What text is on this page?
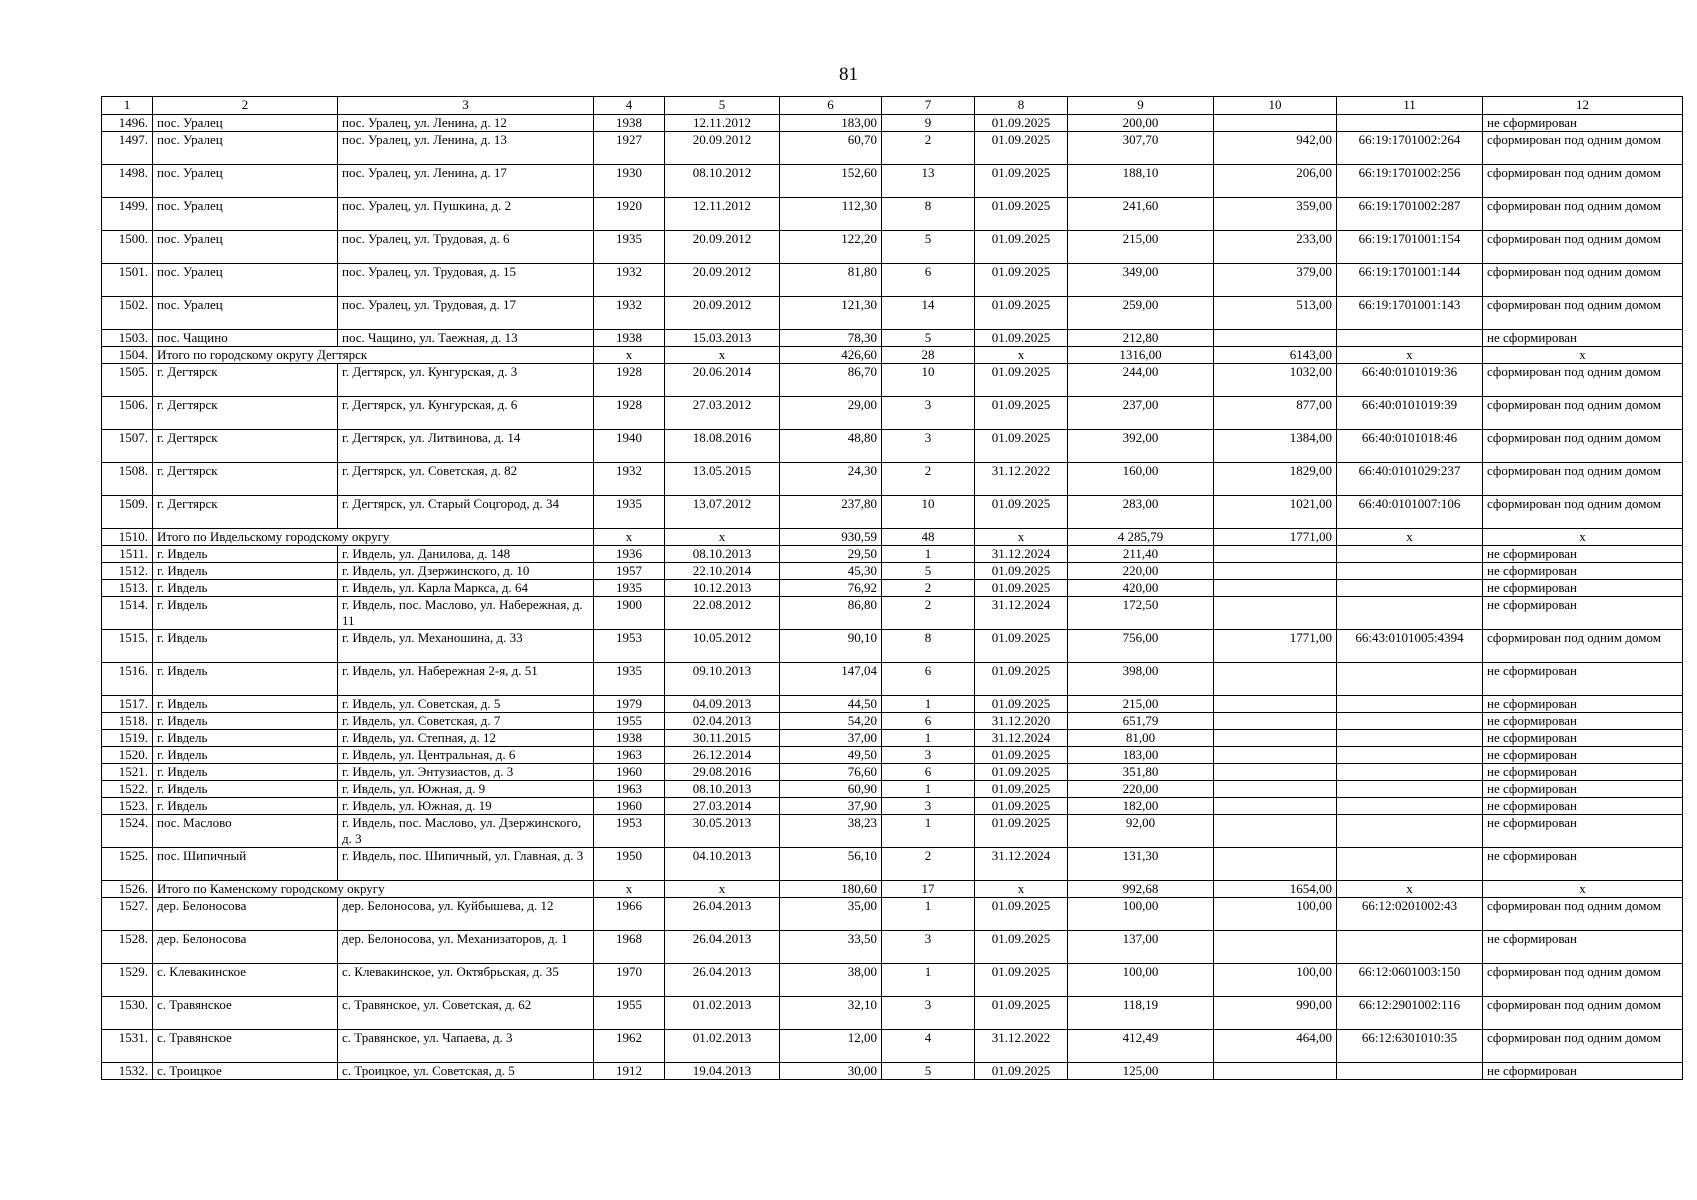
81
1	2	3	4	5	6	7	8	9	10	11	12
1496.	пос. Уралец	пос. Уралец, ул. Ленина, д. 12	1938	12.11.2012	183,00	9	01.09.2025	200,00			не сформирован
1497.	пос. Уралец	пос. Уралец, ул. Ленина, д. 13	1927	20.09.2012	60,70	2	01.09.2025	307,70	942,00	66:19:1701002:264	сформирован под одним домом
1498.	пос. Уралец	пос. Уралец, ул. Ленина, д. 17	1930	08.10.2012	152,60	13	01.09.2025	188,10	206,00	66:19:1701002:256	сформирован под одним домом
1499.	пос. Уралец	пос. Уралец, ул. Пушкина, д. 2	1920	12.11.2012	112,30	8	01.09.2025	241,60	359,00	66:19:1701002:287	сформирован под одним домом
1500.	пос. Уралец	пос. Уралец, ул. Трудовая, д. 6	1935	20.09.2012	122,20	5	01.09.2025	215,00	233,00	66:19:1701001:154	сформирован под одним домом
1501.	пос. Уралец	пос. Уралец, ул. Трудовая, д. 15	1932	20.09.2012	81,80	6	01.09.2025	349,00	379,00	66:19:1701001:144	сформирован под одним домом
1502.	пос. Уралец	пос. Уралец, ул. Трудовая, д. 17	1932	20.09.2012	121,30	14	01.09.2025	259,00	513,00	66:19:1701001:143	сформирован под одним домом
1503.	пос. Чащино	пос. Чащино, ул. Таежная, д. 13	1938	15.03.2013	78,30	5	01.09.2025	212,80			не сформирован
1504.	Итого по городскому округу Дегтярск		x	x	426,60	28	x	1316,00	6143,00	x	x
1505.	г. Дегтярск	г. Дегтярск, ул. Кунгурская, д. 3	1928	20.06.2014	86,70	10	01.09.2025	244,00	1032,00	66:40:0101019:36	сформирован под одним домом
1506.	г. Дегтярск	г. Дегтярск, ул. Кунгурская, д. 6	1928	27.03.2012	29,00	3	01.09.2025	237,00	877,00	66:40:0101019:39	сформирован под одним домом
1507.	г. Дегтярск	г. Дегтярск, ул. Литвинова, д. 14	1940	18.08.2016	48,80	3	01.09.2025	392,00	1384,00	66:40:0101018:46	сформирован под одним домом
1508.	г. Дегтярск	г. Дегтярск, ул. Советская, д. 82	1932	13.05.2015	24,30	2	31.12.2022	160,00	1829,00	66:40:0101029:237	сформирован под одним домом
1509.	г. Дегтярск	г. Дегтярск, ул. Старый Соцгород, д. 34	1935	13.07.2012	237,80	10	01.09.2025	283,00	1021,00	66:40:0101007:106	сформирован под одним домом
1510.	Итого по Ивдельскому городскому округу		x	x	930,59	48	x	4 285,79	1771,00	x	x
1511.	г. Ивдель	г. Ивдель, ул. Данилова, д. 148	1936	08.10.2013	29,50	1	31.12.2024	211,40			не сформирован
1512.	г. Ивдель	г. Ивдель, ул. Дзержинского, д. 10	1957	22.10.2014	45,30	5	01.09.2025	220,00			не сформирован
1513.	г. Ивдель	г. Ивдель, ул. Карла Маркса, д. 64	1935	10.12.2013	76,92	2	01.09.2025	420,00			не сформирован
1514.	г. Ивдель	г. Ивдель, пос. Маслово, ул. Набережная, д. 11	1900	22.08.2012	86,80	2	31.12.2024	172,50			не сформирован
1515.	г. Ивдель	г. Ивдель, ул. Механошина, д. 33	1953	10.05.2012	90,10	8	01.09.2025	756,00	1771,00	66:43:0101005:4394	сформирован под одним домом
1516.	г. Ивдель	г. Ивдель, ул. Набережная 2-я, д. 51	1935	09.10.2013	147,04	6	01.09.2025	398,00			не сформирован
1517.	г. Ивдель	г. Ивдель, ул. Советская, д. 5	1979	04.09.2013	44,50	1	01.09.2025	215,00			не сформирован
1518.	г. Ивдель	г. Ивдель, ул. Советская, д. 7	1955	02.04.2013	54,20	6	31.12.2020	651,79			не сформирован
1519.	г. Ивдель	г. Ивдель, ул. Степная, д. 12	1938	30.11.2015	37,00	1	31.12.2024	81,00			не сформирован
1520.	г. Ивдель	г. Ивдель, ул. Центральная, д. 6	1963	26.12.2014	49,50	3	01.09.2025	183,00			не сформирован
1521.	г. Ивдель	г. Ивдель, ул. Энтузиастов, д. 3	1960	29.08.2016	76,60	6	01.09.2025	351,80			не сформирован
1522.	г. Ивдель	г. Ивдель, ул. Южная, д. 9	1963	08.10.2013	60,90	1	01.09.2025	220,00			не сформирован
1523.	г. Ивдель	г. Ивдель, ул. Южная, д. 19	1960	27.03.2014	37,90	3	01.09.2025	182,00			не сформирован
1524.	пос. Маслово	г. Ивдель, пос. Маслово, ул. Дзержинского, д. 3	1953	30.05.2013	38,23	1	01.09.2025	92,00			не сформирован
1525.	пос. Шипичный	г. Ивдель, пос. Шипичный, ул. Главная, д. 3	1950	04.10.2013	56,10	2	31.12.2024	131,30			не сформирован
1526.	Итого по Каменскому городскому округу		x	x	180,60	17	x	992,68	1654,00	x	x
1527.	дер. Белоносова	дер. Белоносова, ул. Куйбышева, д. 12	1966	26.04.2013	35,00	1	01.09.2025	100,00	100,00	66:12:0201002:43	сформирован под одним домом
1528.	дер. Белоносова	дер. Белоносова, ул. Механизаторов, д. 1	1968	26.04.2013	33,50	3	01.09.2025	137,00			не сформирован
1529.	с. Клевакинское	с. Клевакинское, ул. Октябрьская, д. 35	1970	26.04.2013	38,00	1	01.09.2025	100,00	100,00	66:12:0601003:150	сформирован под одним домом
1530.	с. Травянское	с. Травянское, ул. Советская, д. 62	1955	01.02.2013	32,10	3	01.09.2025	118,19	990,00	66:12:2901002:116	сформирован под одним домом
1531.	с. Травянское	с. Травянское, ул. Чапаева, д. 3	1962	01.02.2013	12,00	4	31.12.2022	412,49	464,00	66:12:6301010:35	сформирован под одним домом
1532.	с. Троицкое	с. Троицкое, ул. Советская, д. 5	1912	19.04.2013	30,00	5	01.09.2025	125,00			не сформирован
